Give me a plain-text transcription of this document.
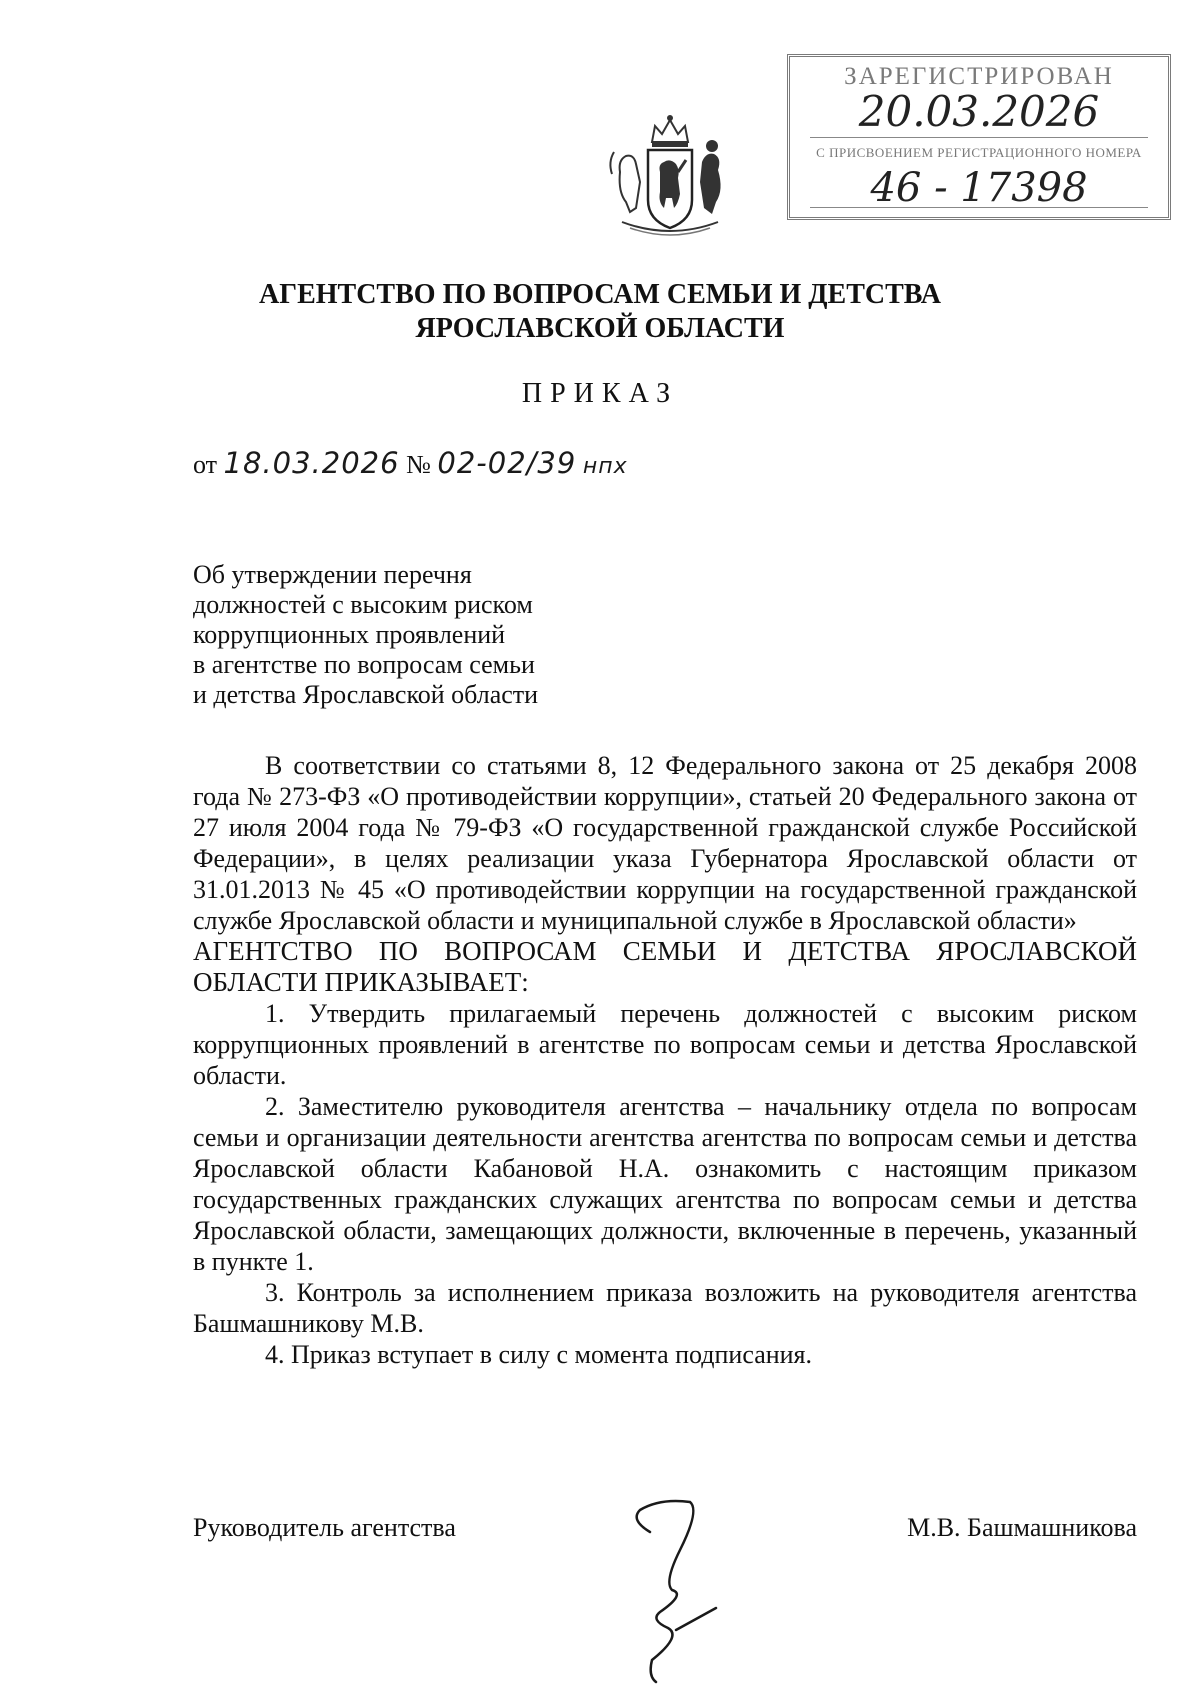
ЗАРЕГИСТРИРОВАН
20.03.2026
С ПРИСВОЕНИЕМ РЕГИСТРАЦИОННОГО НОМЕРА
46 - 17398
АГЕНТСТВО ПО ВОПРОСАМ СЕМЬИ И ДЕТСТВА
ЯРОСЛАВСКОЙ ОБЛАСТИ
ПРИКАЗ
от 18.03.2026 № 02-02/39 нпх
Об утверждении перечня
должностей с высоким риском
коррупционных проявлений
в агентстве по вопросам семьи
и детства Ярославской области

В соответствии со статьями 8, 12 Федерального закона от 25 декабря 2008 года № 273-ФЗ «О противодействии коррупции», статьей 20 Федерального закона от 27 июля 2004 года № 79-ФЗ «О государственной гражданской службе Российской Федерации», в целях реализации указа Губернатора Ярославской области от 31.01.2013 № 45 «О противодействии коррупции на государственной гражданской службе Ярославской области и муниципальной службе в Ярославской области»

АГЕНТСТВО ПО ВОПРОСАМ СЕМЬИ И ДЕТСТВА ЯРОСЛАВСКОЙ ОБЛАСТИ ПРИКАЗЫВАЕТ:

1. Утвердить прилагаемый перечень должностей с высоким риском коррупционных проявлений в агентстве по вопросам семьи и детства Ярославской области.

2. Заместителю руководителя агентства – начальнику отдела по вопросам семьи и организации деятельности агентства агентства по вопросам семьи и детства Ярославской области Кабановой Н.А. ознакомить с настоящим приказом государственных гражданских служащих агентства по вопросам семьи и детства Ярославской области, замещающих должности, включенные в перечень, указанный в пункте 1.

3. Контроль за исполнением приказа возложить на руководителя агентства Башмашникову М.В.

4. Приказ вступает в силу с момента подписания.

Руководитель агентства	М.В. Башмашникова
